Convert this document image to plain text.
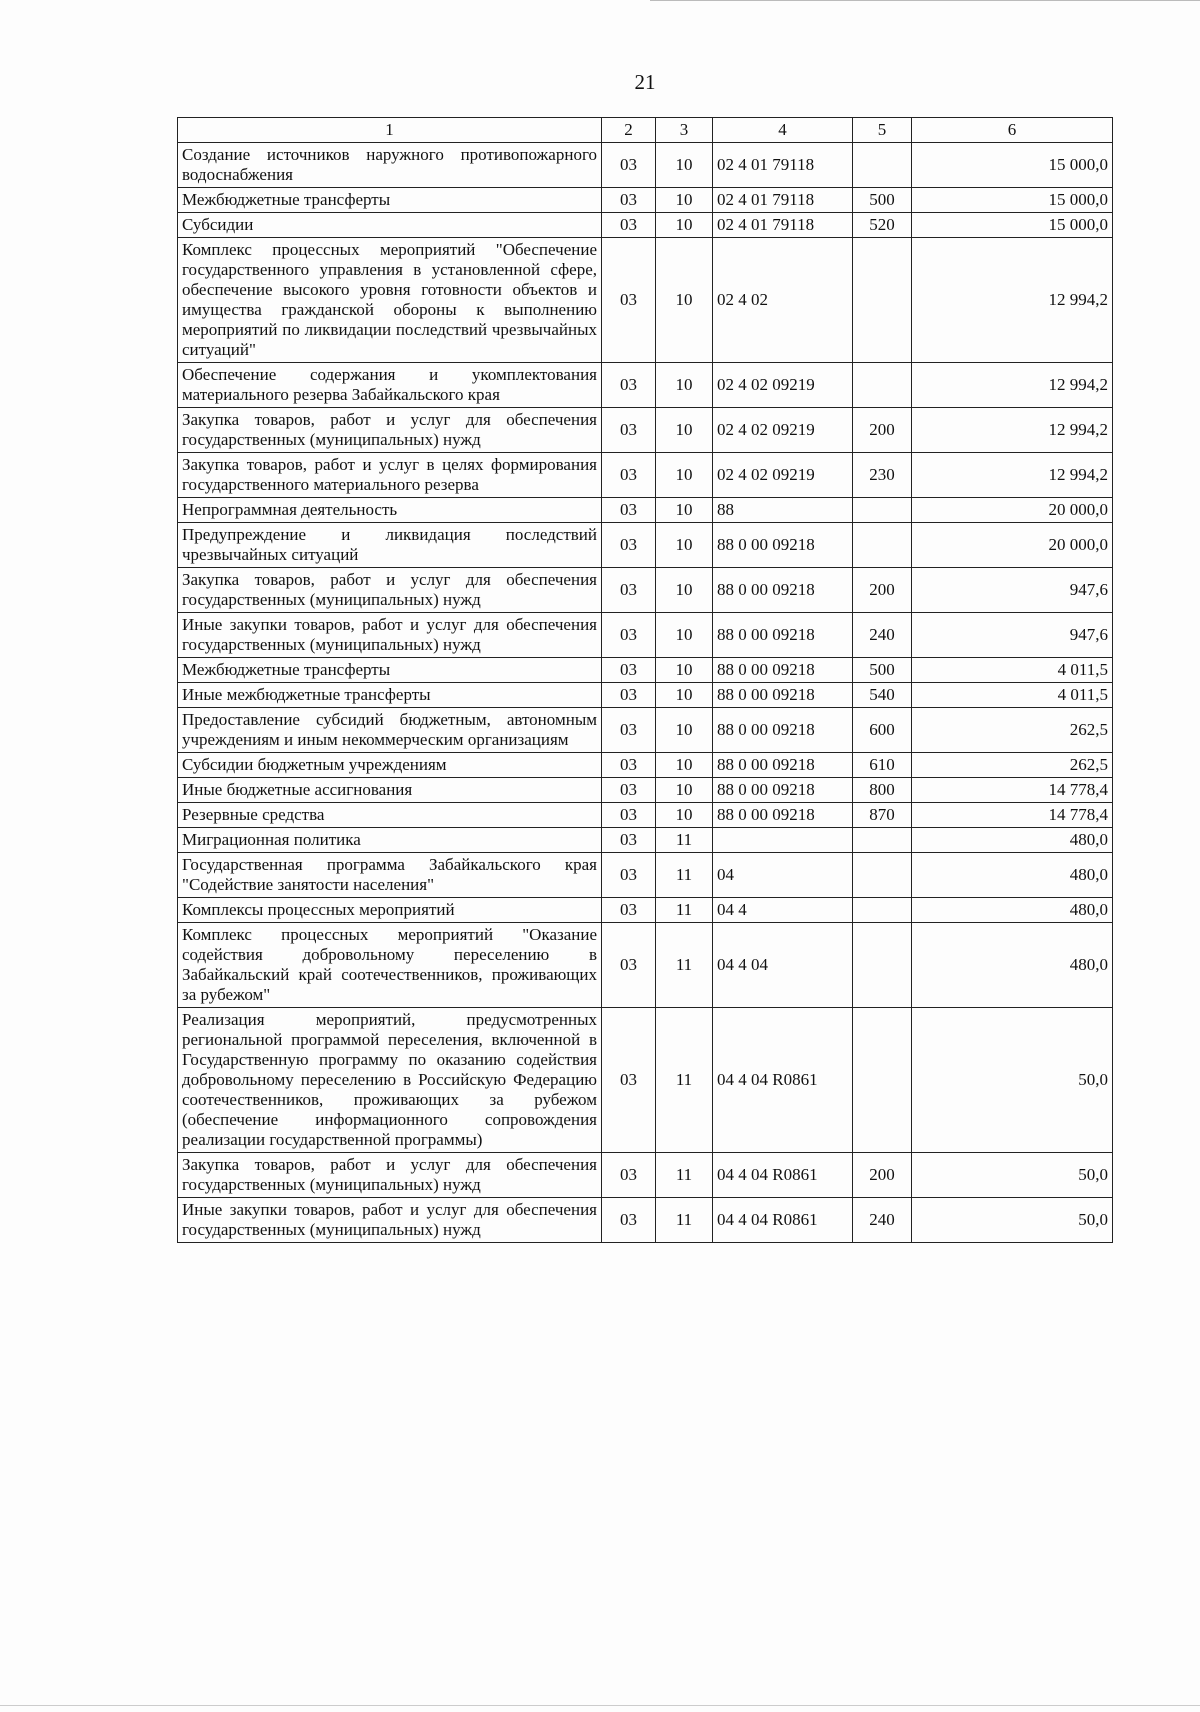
21
1	2	3	4	5	6
Создание источников наружного противопожарного водоснабжения	03	10	02 4 01 79118		15 000,0
Межбюджетные трансферты	03	10	02 4 01 79118	500	15 000,0
Субсидии	03	10	02 4 01 79118	520	15 000,0
Комплекс процессных мероприятий "Обеспечение государственного управления в установленной сфере, обеспечение высокого уровня готовности объектов и имущества гражданской обороны к выполнению мероприятий по ликвидации последствий чрезвычайных ситуаций"	03	10	02 4 02		12 994,2
Обеспечение содержания и укомплектования материального резерва Забайкальского края	03	10	02 4 02 09219		12 994,2
Закупка товаров, работ и услуг для обеспечения государственных (муниципальных) нужд	03	10	02 4 02 09219	200	12 994,2
Закупка товаров, работ и услуг в целях формирования государственного материального резерва	03	10	02 4 02 09219	230	12 994,2
Непрограммная деятельность	03	10	88		20 000,0
Предупреждение и ликвидация последствий чрезвычайных ситуаций	03	10	88 0 00 09218		20 000,0
Закупка товаров, работ и услуг для обеспечения государственных (муниципальных) нужд	03	10	88 0 00 09218	200	947,6
Иные закупки товаров, работ и услуг для обеспечения государственных (муниципальных) нужд	03	10	88 0 00 09218	240	947,6
Межбюджетные трансферты	03	10	88 0 00 09218	500	4 011,5
Иные межбюджетные трансферты	03	10	88 0 00 09218	540	4 011,5
Предоставление субсидий бюджетным, автономным учреждениям и иным некоммерческим организациям	03	10	88 0 00 09218	600	262,5
Субсидии бюджетным учреждениям	03	10	88 0 00 09218	610	262,5
Иные бюджетные ассигнования	03	10	88 0 00 09218	800	14 778,4
Резервные средства	03	10	88 0 00 09218	870	14 778,4
Миграционная политика	03	11			480,0
Государственная программа Забайкальского края "Содействие занятости населения"	03	11	04		480,0
Комплексы процессных мероприятий	03	11	04 4		480,0
Комплекс процессных мероприятий "Оказание содействия добровольному переселению в Забайкальский край соотечественников, проживающих за рубежом"	03	11	04 4 04		480,0
Реализация мероприятий, предусмотренных региональной программой переселения, включенной в Государственную программу по оказанию содействия добровольному переселению в Российскую Федерацию соотечественников, проживающих за рубежом (обеспечение информационного сопровождения реализации государственной программы)	03	11	04 4 04 R0861		50,0
Закупка товаров, работ и услуг для обеспечения государственных (муниципальных) нужд	03	11	04 4 04 R0861	200	50,0
Иные закупки товаров, работ и услуг для обеспечения государственных (муниципальных) нужд	03	11	04 4 04 R0861	240	50,0
